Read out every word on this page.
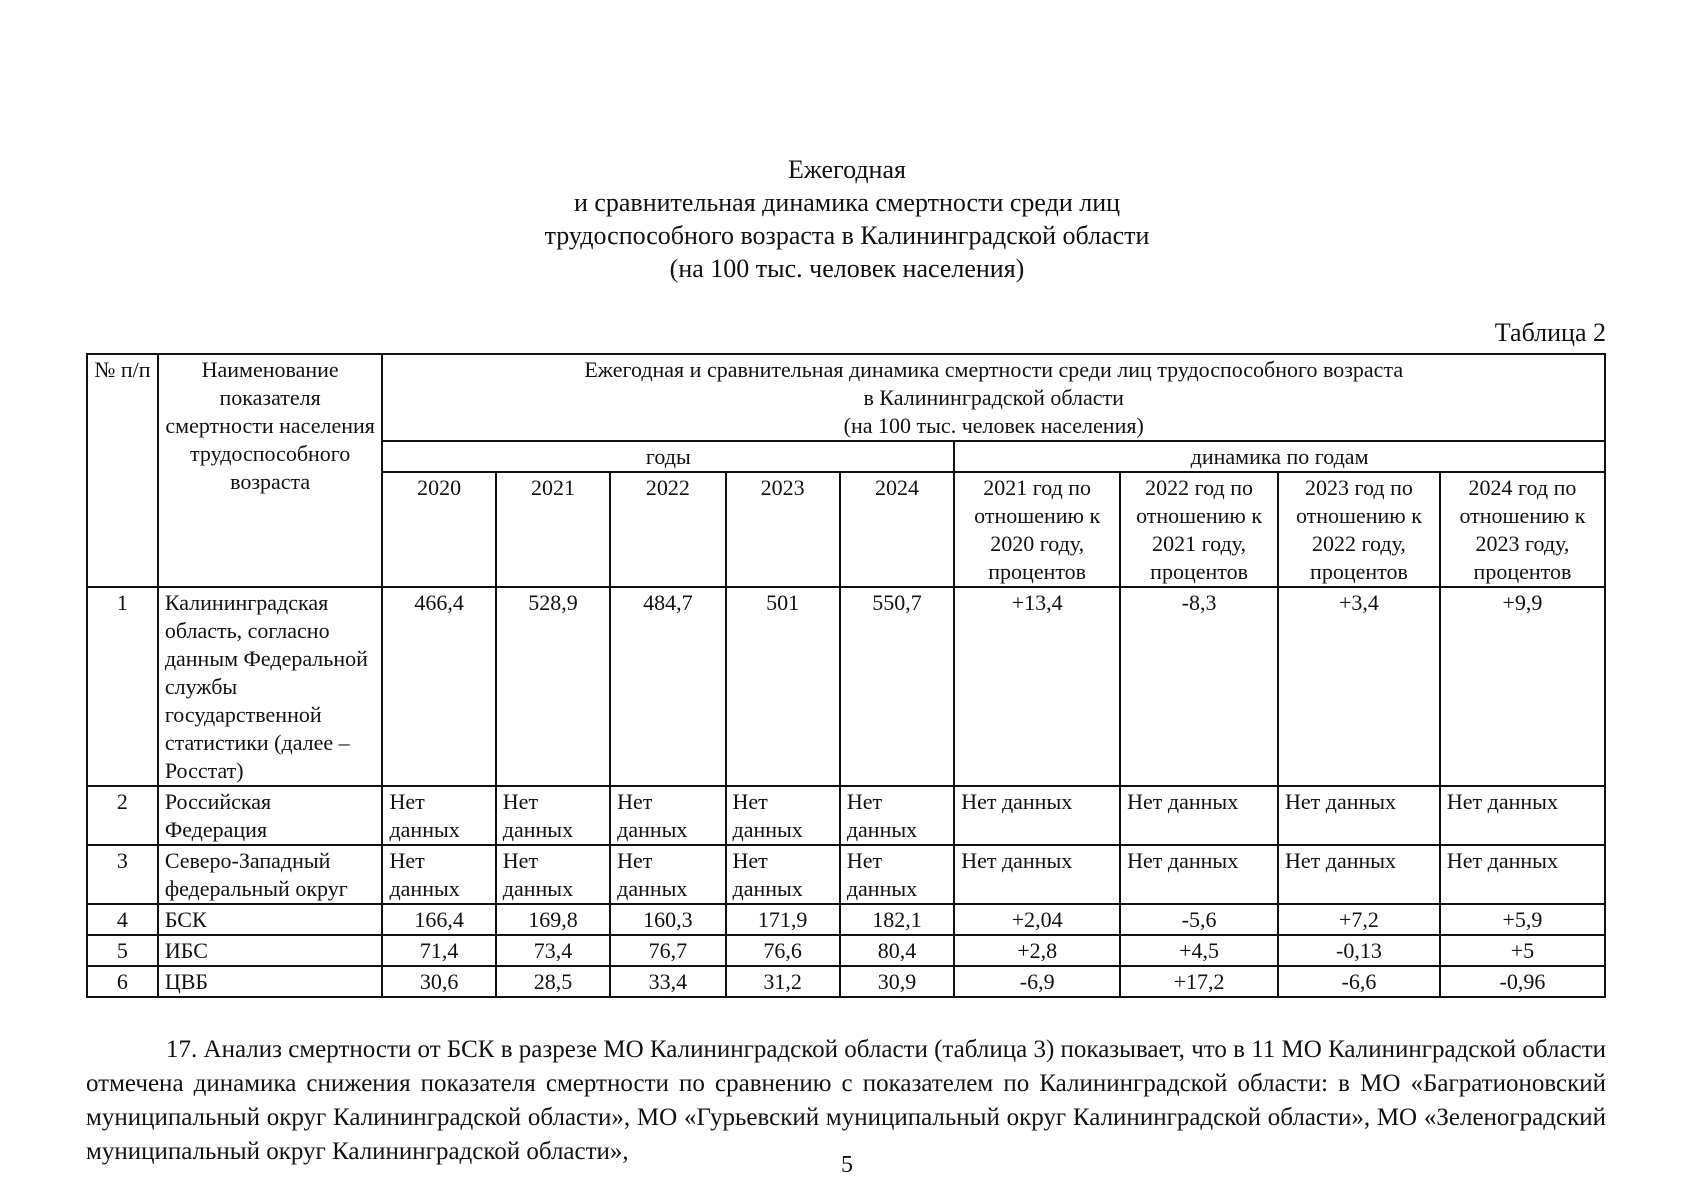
Ежегодная
и сравнительная динамика смертности среди лиц
трудоспособного возраста в Калининградской области
(на 100 тыс. человек населения)
Таблица 2
№ п/п	Наименование показателя смертности населения трудоспособного возраста	Ежегодная и сравнительная динамика смертности среди лиц трудоспособного возраста
в Калининградской области
(на 100 тыс. человек населения)								
		годы					динамика по годам			
		2020	2021	2022	2023	2024	2021 год по отношению к 2020 году, процентов	2022 год по отношению к 2021 году, процентов	2023 год по отношению к 2022 году, процентов	2024 год по отношению к 2023 году, процентов
1	Калининградская область, согласно данным Федеральной службы государственной статистики (далее – Росстат)	466,4	528,9	484,7	501	550,7	+13,4	-8,3	+3,4	+9,9
2	Российская Федерация	Нет данных	Нет данных	Нет данных	Нет данных	Нет данных	Нет данных	Нет данных	Нет данных	Нет данных
3	Северо-Западный федеральный округ	Нет данных	Нет данных	Нет данных	Нет данных	Нет данных	Нет данных	Нет данных	Нет данных	Нет данных
4	БСК	166,4	169,8	160,3	171,9	182,1	+2,04	-5,6	+7,2	+5,9
5	ИБС	71,4	73,4	76,7	76,6	80,4	+2,8	+4,5	-0,13	+5
6	ЦВБ	30,6	28,5	33,4	31,2	30,9	-6,9	+17,2	-6,6	-0,96

17. Анализ смертности от БСК в разрезе МО Калининградской области (таблица 3) показывает, что в 11 МО Калининградской области отмечена динамика снижения показателя смертности по сравнению с показателем по Калининградской области: в МО «Багратионовский муниципальный округ Калининградской области», МО «Гурьевский муниципальный округ Калининградской области», МО «Зеленоградский муниципальный округ Калининградской области»,	5
